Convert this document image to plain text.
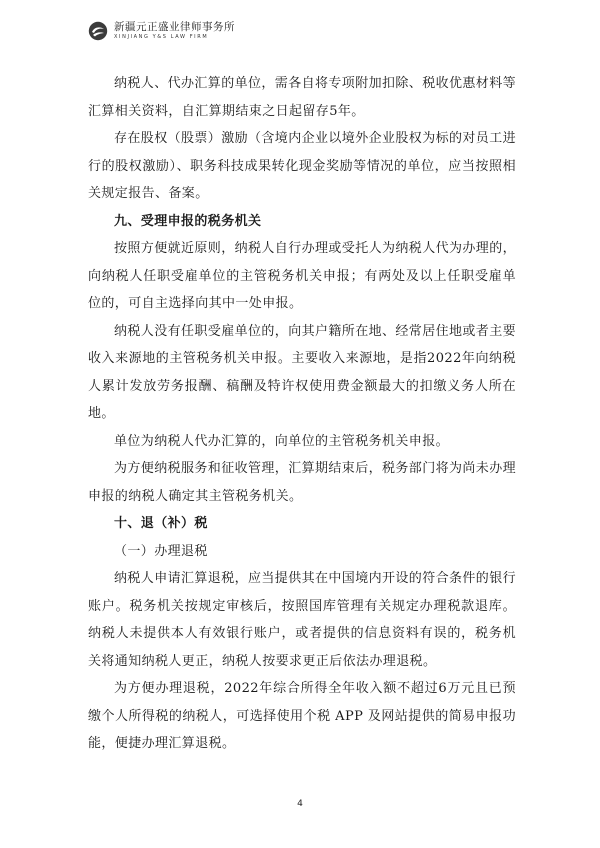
新疆元正盛业律师事务所
XINJIANG Y&S LAW FIRM

纳税人、代办汇算的单位，需各自将专项附加扣除、税收优惠材料等汇算相关资料，自汇算期结束之日起留存5年。

存在股权（股票）激励（含境内企业以境外企业股权为标的对员工进行的股权激励）、职务科技成果转化现金奖励等情况的单位，应当按照相关规定报告、备案。

九、受理申报的税务机关

按照方便就近原则，纳税人自行办理或受托人为纳税人代为办理的，向纳税人任职受雇单位的主管税务机关申报；有两处及以上任职受雇单位的，可自主选择向其中一处申报。

纳税人没有任职受雇单位的，向其户籍所在地、经常居住地或者主要收入来源地的主管税务机关申报。主要收入来源地，是指2022年向纳税人累计发放劳务报酬、稿酬及特许权使用费金额最大的扣缴义务人所在地。

单位为纳税人代办汇算的，向单位的主管税务机关申报。

为方便纳税服务和征收管理，汇算期结束后，税务部门将为尚未办理申报的纳税人确定其主管税务机关。

十、退（补）税

（一）办理退税

纳税人申请汇算退税，应当提供其在中国境内开设的符合条件的银行账户。税务机关按规定审核后，按照国库管理有关规定办理税款退库。纳税人未提供本人有效银行账户，或者提供的信息资料有误的，税务机关将通知纳税人更正，纳税人按要求更正后依法办理退税。

为方便办理退税，2022年综合所得全年收入额不超过6万元且已预缴个人所得税的纳税人，可选择使用个税 APP 及网站提供的简易申报功能，便捷办理汇算退税。

4
